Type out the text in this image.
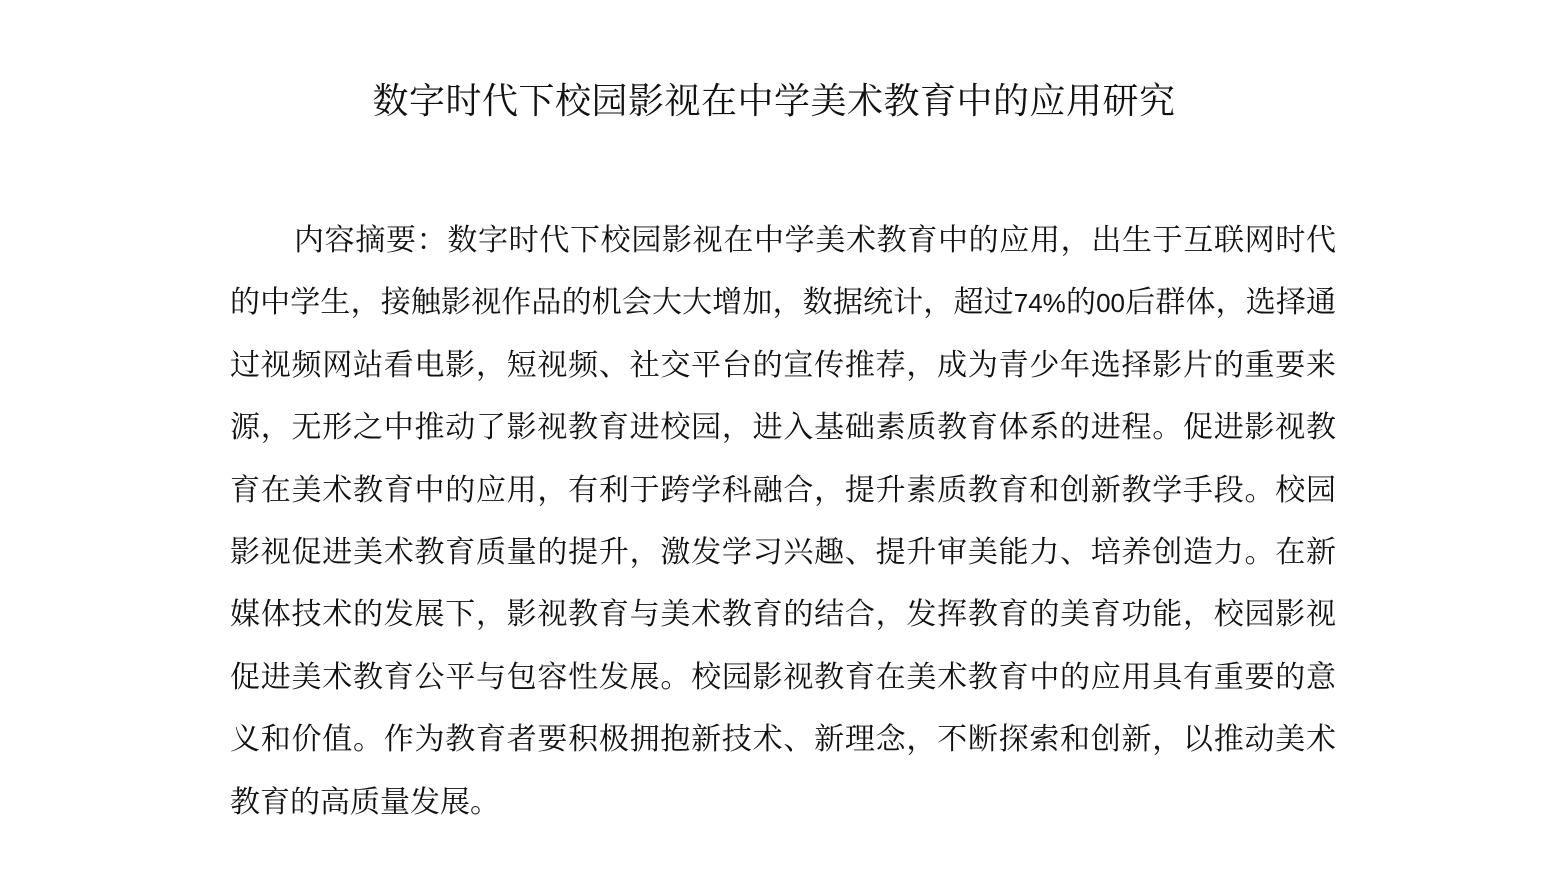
数字时代下校园影视在中学美术教育中的应用研究

内容摘要：数字时代下校园影视在中学美术教育中的应用，出生于互联网时代的中学生，接触影视作品的机会大大增加，数据统计，超过74%的00后群体，选择通过视频网站看电影，短视频、社交平台的宣传推荐，成为青少年选择影片的重要来源，无形之中推动了影视教育进校园，进入基础素质教育体系的进程。促进影视教育在美术教育中的应用，有利于跨学科融合，提升素质教育和创新教学手段。校园影视促进美术教育质量的提升，激发学习兴趣、提升审美能力、培养创造力。在新媒体技术的发展下，影视教育与美术教育的结合，发挥教育的美育功能，校园影视促进美术教育公平与包容性发展。校园影视教育在美术教育中的应用具有重要的意义和价值。作为教育者要积极拥抱新技术、新理念，不断探索和创新，以推动美术教育的高质量发展。
